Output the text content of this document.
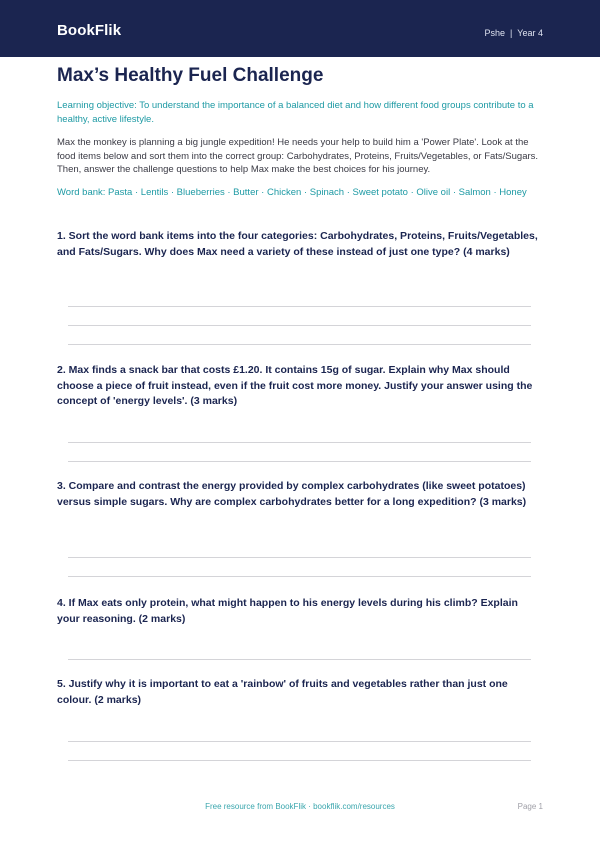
BookFlik	Pshe | Year 4
Max’s Healthy Fuel Challenge

Learning objective: To understand the importance of a balanced diet and how different food groups contribute to a healthy, active lifestyle.

Max the monkey is planning a big jungle expedition! He needs your help to build him a 'Power Plate'. Look at the food items below and sort them into the correct group: Carbohydrates, Proteins, Fruits/Vegetables, or Fats/Sugars. Then, answer the challenge questions to help Max make the best choices for his journey.

Word bank: Pasta · Lentils · Blueberries · Butter · Chicken · Spinach · Sweet potato · Olive oil · Salmon · Honey

1. Sort the word bank items into the four categories: Carbohydrates, Proteins, Fruits/Vegetables, and Fats/Sugars. Why does Max need a variety of these instead of just one type? (4 marks)
2. Max finds a snack bar that costs £1.20. It contains 15g of sugar. Explain why Max should choose a piece of fruit instead, even if the fruit cost more money. Justify your answer using the concept of 'energy levels'. (3 marks)
3. Compare and contrast the energy provided by complex carbohydrates (like sweet potatoes) versus simple sugars. Why are complex carbohydrates better for a long expedition? (3 marks)
4. If Max eats only protein, what might happen to his energy levels during his climb? Explain your reasoning. (2 marks)
5. Justify why it is important to eat a 'rainbow' of fruits and vegetables rather than just one colour. (2 marks)
Free resource from BookFlik · bookflik.com/resources	Page 1
